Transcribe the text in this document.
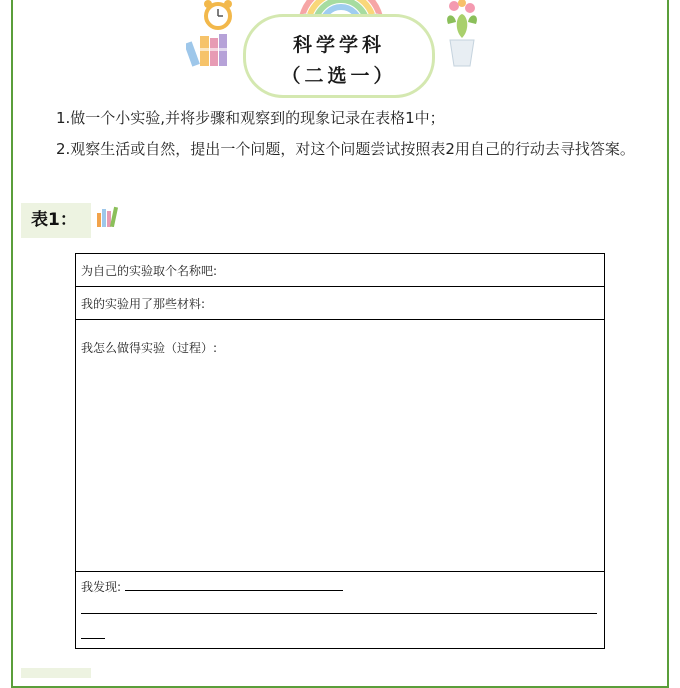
科学学科
（二选一）
1.做一个小实验,并将步骤和观察到的现象记录在表格1中；
2.观察生活或自然，提出一个问题，对这个问题尝试按照表2用自己的行动去寻找答案。
表1：
为自己的实验取个名称吧:
我的实验用了那些材料:
我怎么做得实验（过程）:
我发现:
